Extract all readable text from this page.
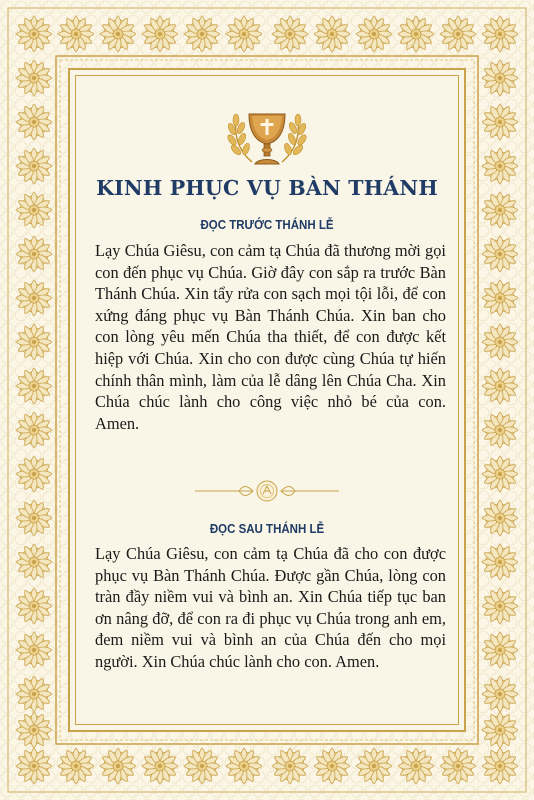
KINH PHỤC VỤ BÀN THÁNH
ĐỌC TRƯỚC THÁNH LỄ
Lạy Chúa Giêsu, con cảm tạ Chúa đã thương mời gọi con đến phục vụ Chúa. Giờ đây con sắp ra trước Bàn Thánh Chúa. Xin tẩy rửa con sạch mọi tội lỗi, để con xứng đáng phục vụ Bàn Thánh Chúa. Xin ban cho con lòng yêu mến Chúa tha thiết, để con được kết hiệp với Chúa. Xin cho con được cùng Chúa tự hiến chính thân mình, làm của lễ dâng lên Chúa Cha. Xin Chúa chúc lành cho công việc nhỏ bé của con. Amen.
ĐỌC SAU THÁNH LỄ
Lạy Chúa Giêsu, con cảm tạ Chúa đã cho con được phục vụ Bàn Thánh Chúa. Được gần Chúa, lòng con tràn đầy niềm vui và bình an. Xin Chúa tiếp tục ban ơn nâng đỡ, để con ra đi phục vụ Chúa trong anh em, đem niềm vui và bình an của Chúa đến cho mọi người. Xin Chúa chúc lành cho con. Amen.
